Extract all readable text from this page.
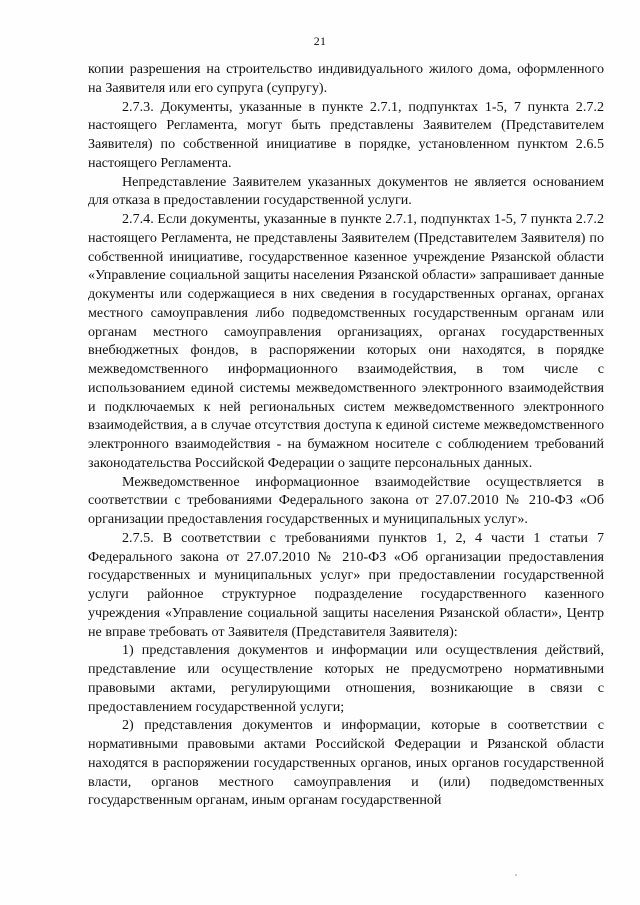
21

копии разрешения на строительство индивидуального жилого дома, оформленного на Заявителя или его супруга (супругу).

2.7.3. Документы, указанные в пункте 2.7.1, подпунктах 1-5, 7 пункта 2.7.2 настоящего Регламента, могут быть представлены Заявителем (Представителем Заявителя) по собственной инициативе в порядке, установленном пунктом 2.6.5 настоящего Регламента.

Непредставление Заявителем указанных документов не является основанием для отказа в предоставлении государственной услуги.

2.7.4. Если документы, указанные в пункте 2.7.1, подпунктах 1-5, 7 пункта 2.7.2 настоящего Регламента, не представлены Заявителем (Представителем Заявителя) по собственной инициативе, государственное казенное учреждение Рязанской области «Управление социальной защиты населения Рязанской области» запрашивает данные документы или содержащиеся в них сведения в государственных органах, органах местного самоуправления либо подведомственных государственным органам или органам местного самоуправления организациях, органах государственных внебюджетных фондов, в распоряжении которых они находятся, в порядке межведомственного информационного взаимодействия, в том числе с использованием единой системы межведомственного электронного взаимодействия и подключаемых к ней региональных систем межведомственного электронного взаимодействия, а в случае отсутствия доступа к единой системе межведомственного электронного взаимодействия - на бумажном носителе с соблюдением требований законодательства Российской Федерации о защите персональных данных.

Межведомственное информационное взаимодействие осуществляется в соответствии с требованиями Федерального закона от 27.07.2010 № 210-ФЗ «Об организации предоставления государственных и муниципальных услуг».

2.7.5. В соответствии с требованиями пунктов 1, 2, 4 части 1 статьи 7 Федерального закона от 27.07.2010 № 210-ФЗ «Об организации предоставления государственных и муниципальных услуг» при предоставлении государственной услуги районное структурное подразделение государственного казенного учреждения «Управление социальной защиты населения Рязанской области», Центр не вправе требовать от Заявителя (Представителя Заявителя):

1) представления документов и информации или осуществления действий, представление или осуществление которых не предусмотрено нормативными правовыми актами, регулирующими отношения, возникающие в связи с предоставлением государственной услуги;

2) представления документов и информации, которые в соответствии с нормативными правовыми актами Российской Федерации и Рязанской области находятся в распоряжении государственных органов, иных органов государственной власти, органов местного самоуправления и (или) подведомственных государственным органам, иным органам государственной
